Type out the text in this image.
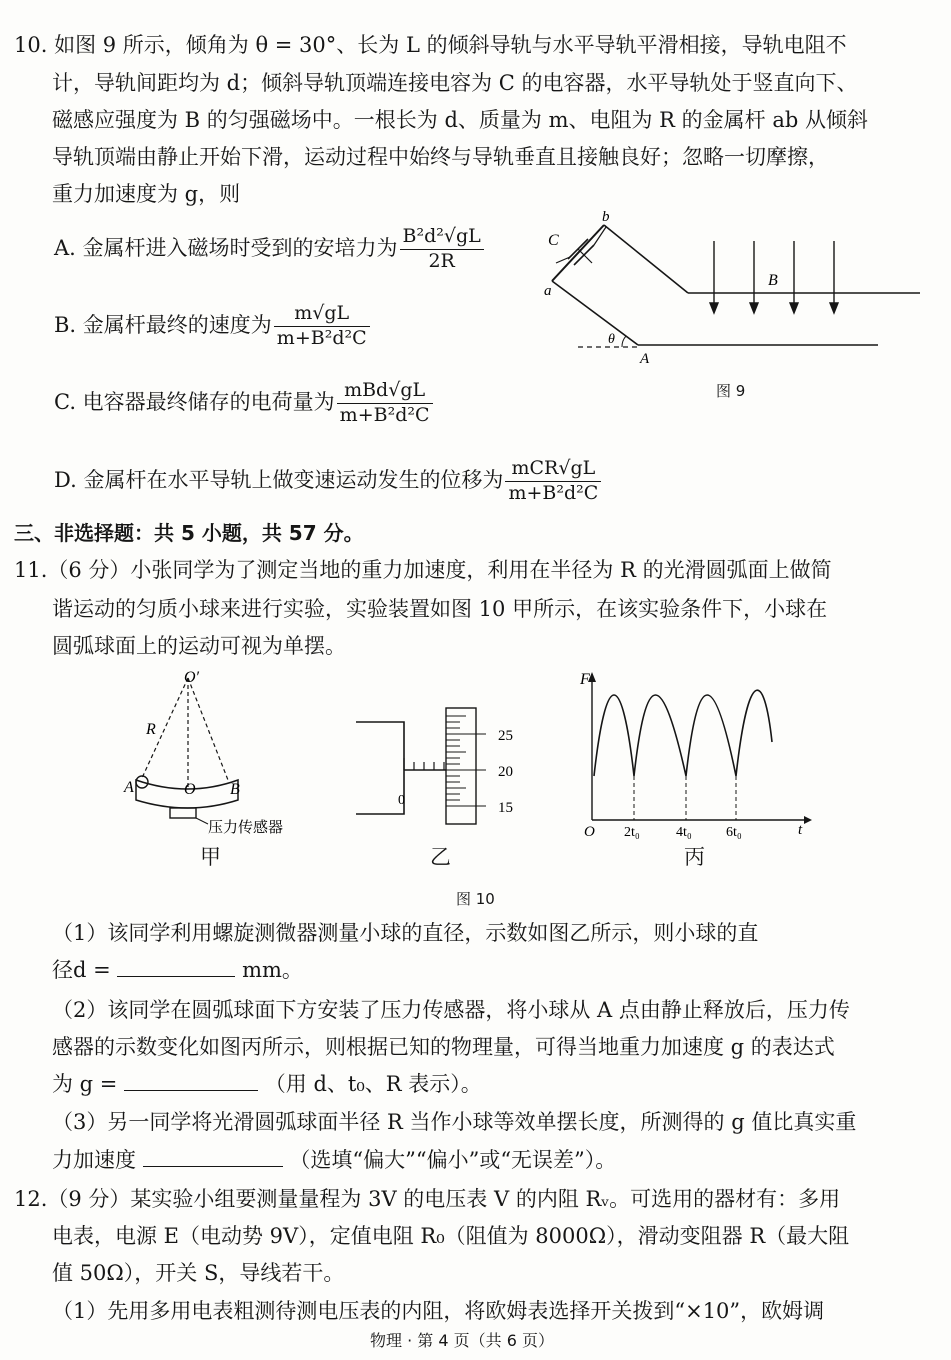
10. 如图 9 所示，倾角为 θ = 30°、长为 L 的倾斜导轨与水平导轨平滑相接，导轨电阻不
计，导轨间距均为 d；倾斜导轨顶端连接电容为 C 的电容器，水平导轨处于竖直向下、
磁感应强度为 B 的匀强磁场中。一根长为 d、质量为 m、电阻为 R 的金属杆 ab 从倾斜
导轨顶端由静止开始下滑，运动过程中始终与导轨垂直且接触良好；忽略一切摩擦，
重力加速度为 g，则
A. 金属杆进入磁场时受到的安培力为 $\frac{\text{B²d²√gL}}{2R}$
B. 金属杆最终的速度为 $\frac{m√gL}{\text{m+B²d²C}}$
C. 电容器最终储存的电荷量为 $\frac{\text{mBd√gL}}{\text{m+B²d²C}}$
D. 金属杆在水平导轨上做变速运动发生的位移为 $\frac{\text{mCR√gL}}{\text{m+B²d²C}}$
C
b
a
B
θ
A
图 9
三、非选择题：共 5 小题，共 57 分。
11.（6 分）小张同学为了测定当地的重力加速度，利用在半径为 R 的光滑圆弧面上做简
谐运动的匀质小球来进行实验，实验装置如图 10 甲所示，在该实验条件下，小球在
圆弧球面上的运动可视为单摆。
O′
R
A	O B
压力传感器
甲
25
20
15
0
乙
F
O	t
2t₀	4t₀ 6t₀
丙
图 10
（1）该同学利用螺旋测微器测量小球的直径，示数如图乙所示，则小球的直
径d =	mm。
（2）该同学在圆弧球面下方安装了压力传感器，将小球从 A 点由静止释放后，压力传
感器的示数变化如图丙所示，则根据已知的物理量，可得当地重力加速度 g 的表达式
为 g =	（用 d、t₀、R 表示）。
（3）另一同学将光滑圆弧球面半径 R 当作小球等效单摆长度，所测得的 g 值比真实重
力加速度	（选填“偏大”“偏小”或“无误差”）。
12.（9 分）某实验小组要测量量程为 3V 的电压表 V 的内阻 Rᵥ。可选用的器材有：多用
电表，电源 E（电动势 9V），定值电阻 R₀（阻值为 8000Ω），滑动变阻器 R（最大阻
值 50Ω），开关 S，导线若干。
（1）先用多用电表粗测待测电压表的内阻，将欧姆表选择开关拨到“×10”，欧姆调
物理 · 第 4 页（共 6 页）
